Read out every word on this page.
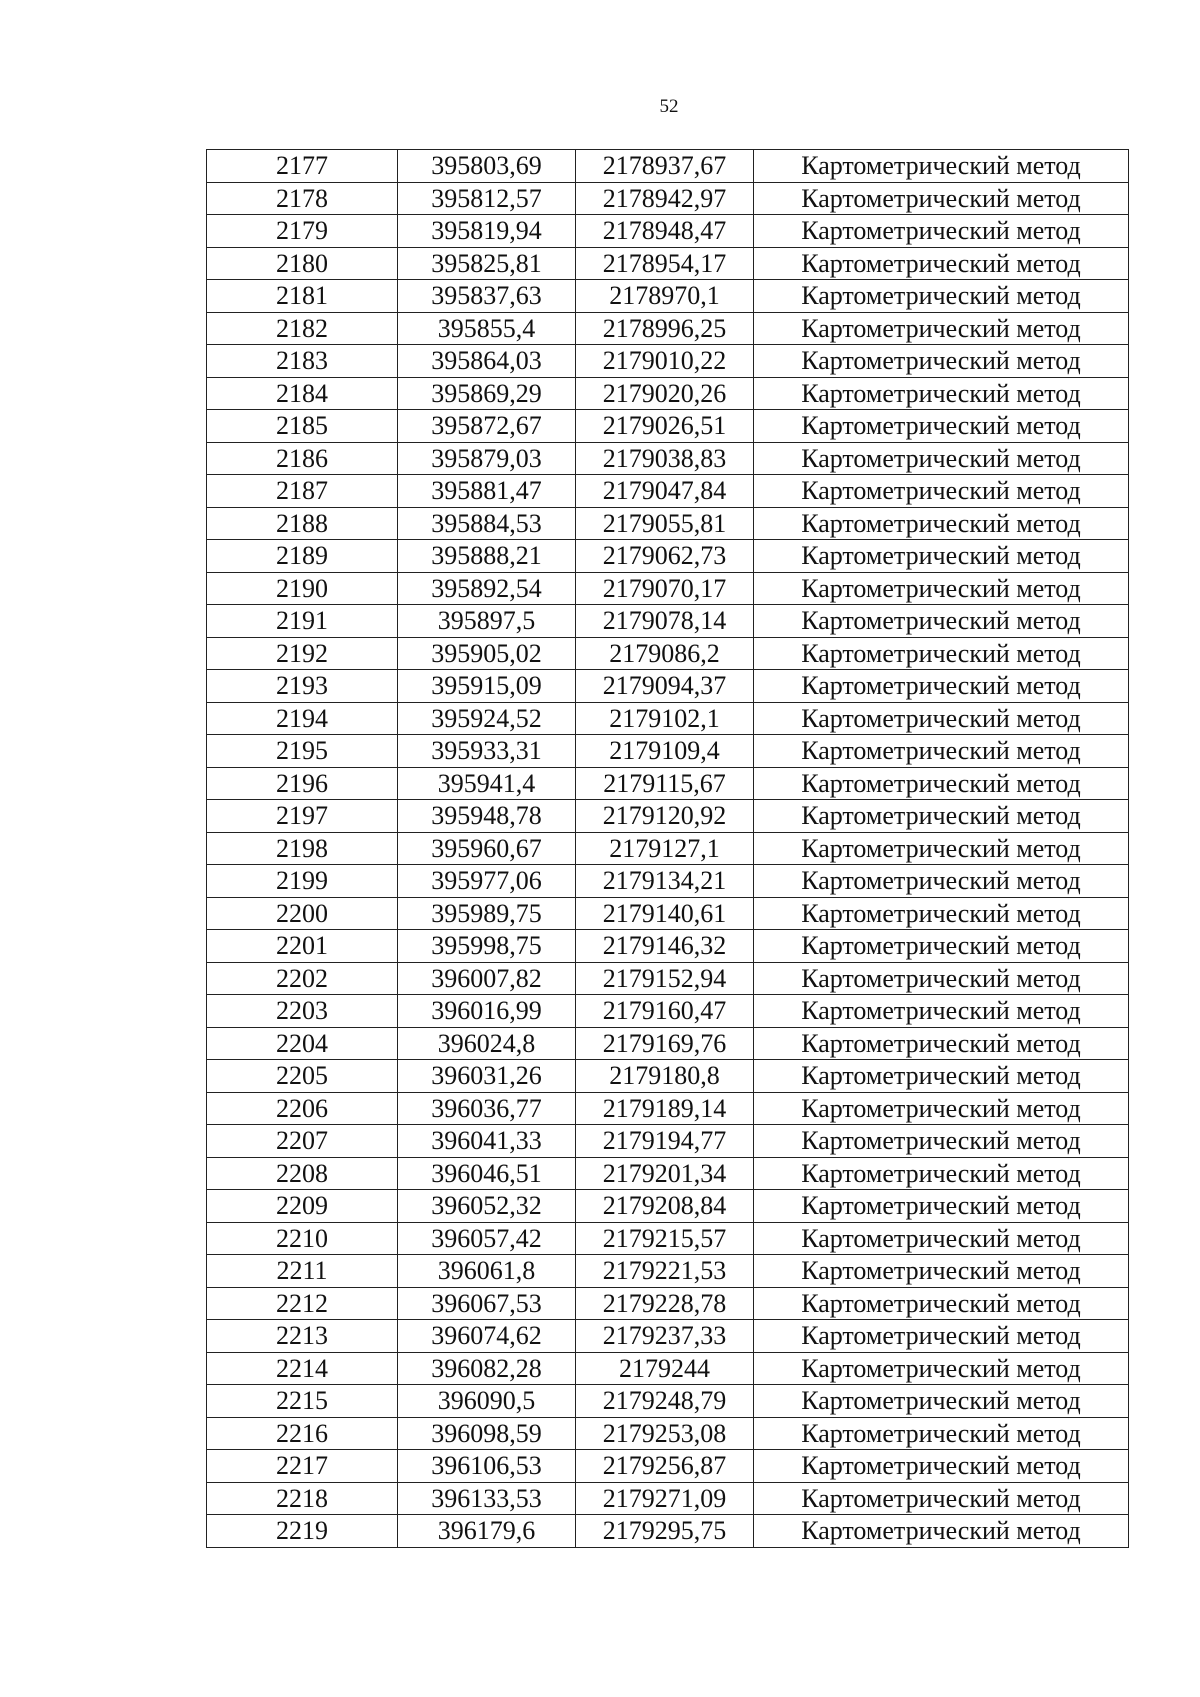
52
2177	395803,69	2178937,67	Картометрический метод
2178	395812,57	2178942,97	Картометрический метод
2179	395819,94	2178948,47	Картометрический метод
2180	395825,81	2178954,17	Картометрический метод
2181	395837,63	2178970,1	Картометрический метод
2182	395855,4	2178996,25	Картометрический метод
2183	395864,03	2179010,22	Картометрический метод
2184	395869,29	2179020,26	Картометрический метод
2185	395872,67	2179026,51	Картометрический метод
2186	395879,03	2179038,83	Картометрический метод
2187	395881,47	2179047,84	Картометрический метод
2188	395884,53	2179055,81	Картометрический метод
2189	395888,21	2179062,73	Картометрический метод
2190	395892,54	2179070,17	Картометрический метод
2191	395897,5	2179078,14	Картометрический метод
2192	395905,02	2179086,2	Картометрический метод
2193	395915,09	2179094,37	Картометрический метод
2194	395924,52	2179102,1	Картометрический метод
2195	395933,31	2179109,4	Картометрический метод
2196	395941,4	2179115,67	Картометрический метод
2197	395948,78	2179120,92	Картометрический метод
2198	395960,67	2179127,1	Картометрический метод
2199	395977,06	2179134,21	Картометрический метод
2200	395989,75	2179140,61	Картометрический метод
2201	395998,75	2179146,32	Картометрический метод
2202	396007,82	2179152,94	Картометрический метод
2203	396016,99	2179160,47	Картометрический метод
2204	396024,8	2179169,76	Картометрический метод
2205	396031,26	2179180,8	Картометрический метод
2206	396036,77	2179189,14	Картометрический метод
2207	396041,33	2179194,77	Картометрический метод
2208	396046,51	2179201,34	Картометрический метод
2209	396052,32	2179208,84	Картометрический метод
2210	396057,42	2179215,57	Картометрический метод
2211	396061,8	2179221,53	Картометрический метод
2212	396067,53	2179228,78	Картометрический метод
2213	396074,62	2179237,33	Картометрический метод
2214	396082,28	2179244	Картометрический метод
2215	396090,5	2179248,79	Картометрический метод
2216	396098,59	2179253,08	Картометрический метод
2217	396106,53	2179256,87	Картометрический метод
2218	396133,53	2179271,09	Картометрический метод
2219	396179,6	2179295,75	Картометрический метод
